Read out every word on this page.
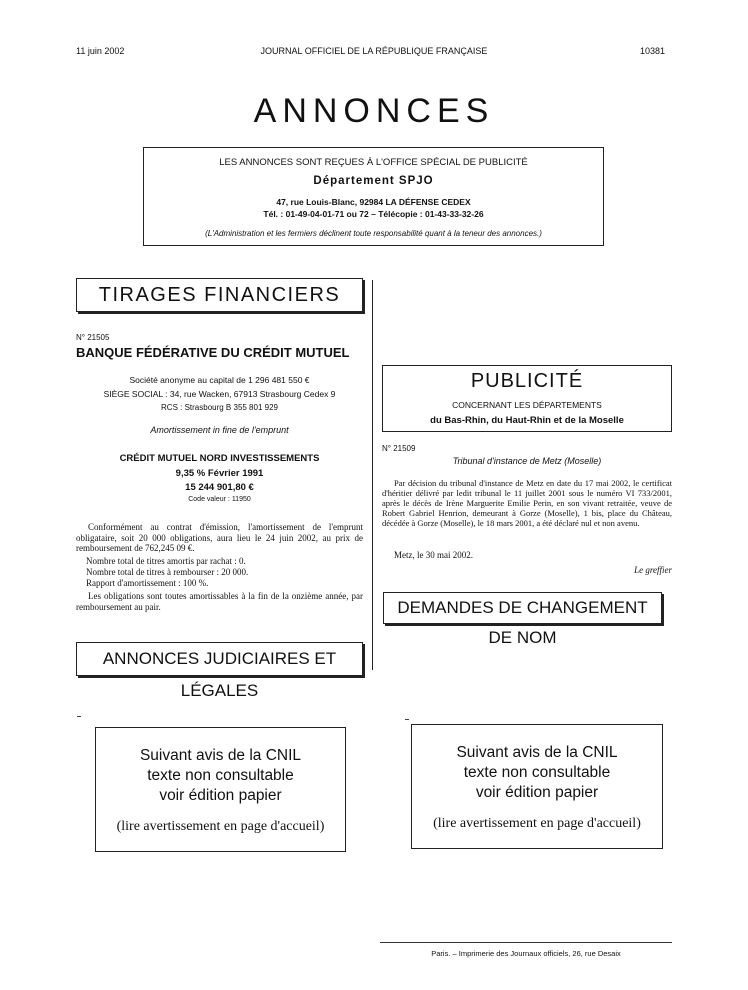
11 juin 2002	JOURNAL OFFICIEL DE LA RÉPUBLIQUE FRANÇAISE	10381
ANNONCES
LES ANNONCES SONT REÇUES À L'OFFICE SPÉCIAL DE PUBLICITÉ
Département SPJO
47, rue Louis-Blanc, 92984 LA DÉFENSE CEDEX
Tél. : 01-49-04-01-71 ou 72 – Télécopie : 01-43-33-32-26
(L'Administration et les fermiers déclinent toute responsabilité quant à la teneur des annonces.)
TIRAGES FINANCIERS
N° 21505
BANQUE FÉDÉRATIVE DU CRÉDIT MUTUEL
Société anonyme au capital de 1 296 481 550 €
SIÈGE SOCIAL : 34, rue Wacken, 67913 Strasbourg Cedex 9
RCS : Strasbourg B 355 801 929
Amortissement in fine de l'emprunt
CRÉDIT MUTUEL NORD INVESTISSEMENTS
9,35 % Février 1991
15 244 901,80 €
Code valeur : 11950
Conformément au contrat d'émission, l'amortissement de l'emprunt obligataire, soit 20 000 obligations, aura lieu le 24 juin 2002, au prix de remboursement de 762,245 09 €.
Nombre total de titres amortis par rachat : 0.
Nombre total de titres à rembourser : 20 000.
Rapport d'amortissement : 100 %.
Les obligations sont toutes amortissables à la fin de la onzième année, par remboursement au pair.
ANNONCES JUDICIAIRES ET LÉGALES
PUBLICITÉ
CONCERNANT LES DÉPARTEMENTS
du Bas-Rhin, du Haut-Rhin et de la Moselle
N° 21509
Tribunal d'instance de Metz (Moselle)
Par décision du tribunal d'instance de Metz en date du 17 mai 2002, le certificat d'héritier délivré par ledit tribunal le 11 juillet 2001 sous le numéro VI 733/2001, après le décès de Irène Marguerite Emilie Perin, en son vivant retraitée, veuve de Robert Gabriel Henrion, demeurant à Gorze (Moselle), 1 bis, place du Château, décédée à Gorze (Moselle), le 18 mars 2001, a été déclaré nul et non avenu.
Metz, le 30 mai 2002.
Le greffier
DEMANDES DE CHANGEMENT DE NOM
Suivant avis de la CNIL
texte non consultable
voir édition papier
(lire avertissement en page d'accueil)
Suivant avis de la CNIL
texte non consultable
voir édition papier
(lire avertissement en page d'accueil)
Paris. – Imprimerie des Journaux officiels, 26, rue Desaix
